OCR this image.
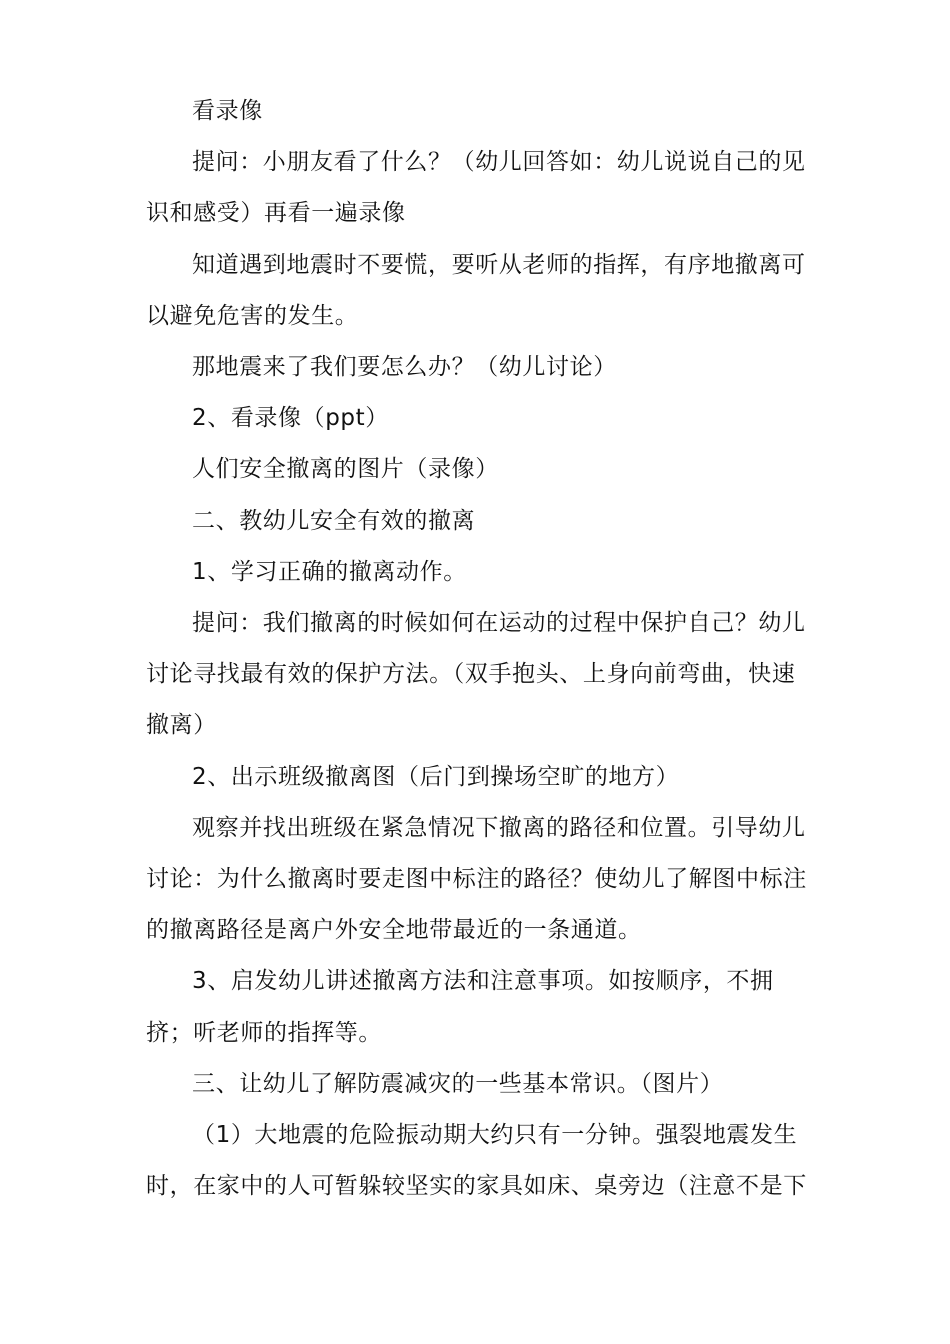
看录像

提问：小朋友看了什么？（幼儿回答如：幼儿说说自己的见识和感受）再看一遍录像

知道遇到地震时不要慌，要听从老师的指挥，有序地撤离可以避免危害的发生。

那地震来了我们要怎么办？（幼儿讨论）

2、看录像（ppt）

人们安全撤离的图片（录像）

二、教幼儿安全有效的撤离

1、学习正确的撤离动作。

提问：我们撤离的时候如何在运动的过程中保护自己？幼儿讨论寻找最有效的保护方法。（双手抱头、上身向前弯曲，快速撤离）

2、出示班级撤离图（后门到操场空旷的地方）

观察并找出班级在紧急情况下撤离的路径和位置。引导幼儿讨论：为什么撤离时要走图中标注的路径？使幼儿了解图中标注的撤离路径是离户外安全地带最近的一条通道。

3、启发幼儿讲述撤离方法和注意事项。如按顺序，不拥挤；听老师的指挥等。

三、让幼儿了解防震减灾的一些基本常识。（图片）

（1）大地震的危险振动期大约只有一分钟。强裂地震发生时，在家中的人可暂躲较坚实的家具如床、桌旁边（注意不是下
